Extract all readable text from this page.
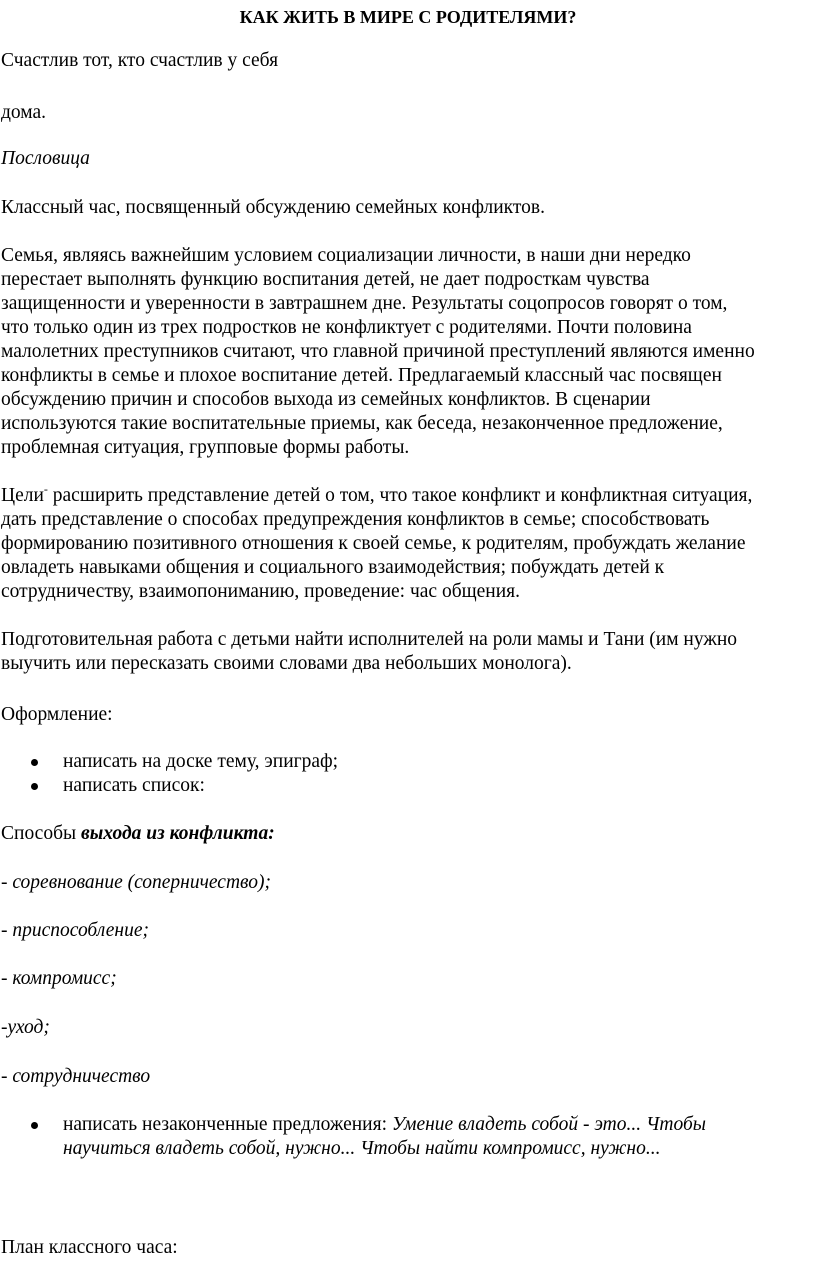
КАК ЖИТЬ В МИРЕ С РОДИТЕЛЯМИ?
Счастлив тот, кто счастлив у себя
дома.
Пословица
Классный час, посвященный обсуждению семейных конфликтов.
Семья, являясь важнейшим условием социализации личности, в наши дни нередко
перестает выполнять функцию воспитания детей, не дает подросткам чувства
защищенности и уверенности в завтрашнем дне. Результаты соцопросов говорят о том,
что только один из трех подростков не конфликтует с родителями. Почти половина
малолетних преступников считают, что главной причиной преступлений являются именно
конфликты в семье и плохое воспитание детей. Предлагаемый классный час посвящен
обсуждению причин и способов выхода из семейных конфликтов. В сценарии
используются такие воспитательные приемы, как беседа, незаконченное предложение,
проблемная ситуация, групповые формы работы.
Цели- расширить представление детей о том, что такое конфликт и конфликтная ситуация,
дать представление о способах предупреждения конфликтов в семье; способствовать
формированию позитивного отношения к своей семье, к родителям, пробуждать желание
овладеть навыками общения и социального взаимодействия; побуждать детей к
сотрудничеству, взаимопониманию, проведение: час общения.
Подготовительная работа с детьми найти исполнителей на роли мамы и Тани (им нужно
выучить или пересказать своими словами два небольших монолога).
Оформление:
написать на доске тему, эпиграф;
написать список:
Способы выхода из конфликта:
- соревнование (соперничество);
- приспособление;
- компромисс;
-уход;
- сотрудничество
написать незаконченные предложения: Умение владеть собой - это... Чтобы
научиться владеть собой, нужно... Чтобы найти компромисс, нужно...
План классного часа:
